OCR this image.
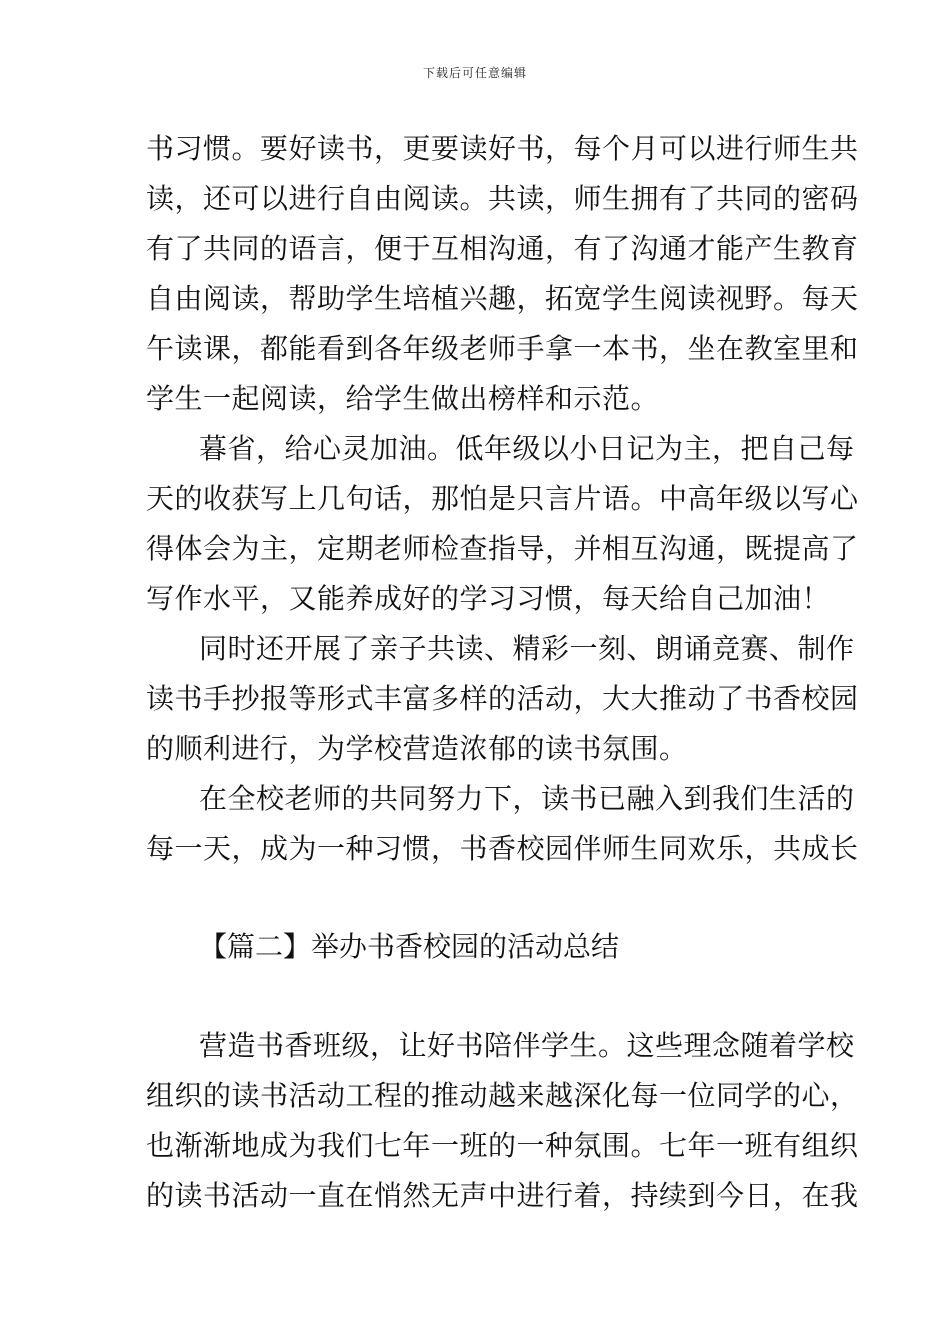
下载后可任意编辑
书习惯。要好读书，更要读好书，每个月可以进行师生共
读，还可以进行自由阅读。共读，师生拥有了共同的密码
有了共同的语言，便于互相沟通，有了沟通才能产生教育
自由阅读，帮助学生培植兴趣，拓宽学生阅读视野。每天
午读课，都能看到各年级老师手拿一本书，坐在教室里和
学生一起阅读，给学生做出榜样和示范。
暮省，给心灵加油。低年级以小日记为主，把自己每
天的收获写上几句话，那怕是只言片语。中高年级以写心
得体会为主，定期老师检查指导，并相互沟通，既提高了
写作水平，又能养成好的学习习惯，每天给自己加油！
同时还开展了亲子共读、精彩一刻、朗诵竞赛、制作
读书手抄报等形式丰富多样的活动，大大推动了书香校园
的顺利进行，为学校营造浓郁的读书氛围。
在全校老师的共同努力下，读书已融入到我们生活的
每一天，成为一种习惯，书香校园伴师生同欢乐，共成长
【篇二】举办书香校园的活动总结
营造书香班级，让好书陪伴学生。这些理念随着学校
组织的读书活动工程的推动越来越深化每一位同学的心，
也渐渐地成为我们七年一班的一种氛围。七年一班有组织
的读书活动一直在悄然无声中进行着，持续到今日，在我
